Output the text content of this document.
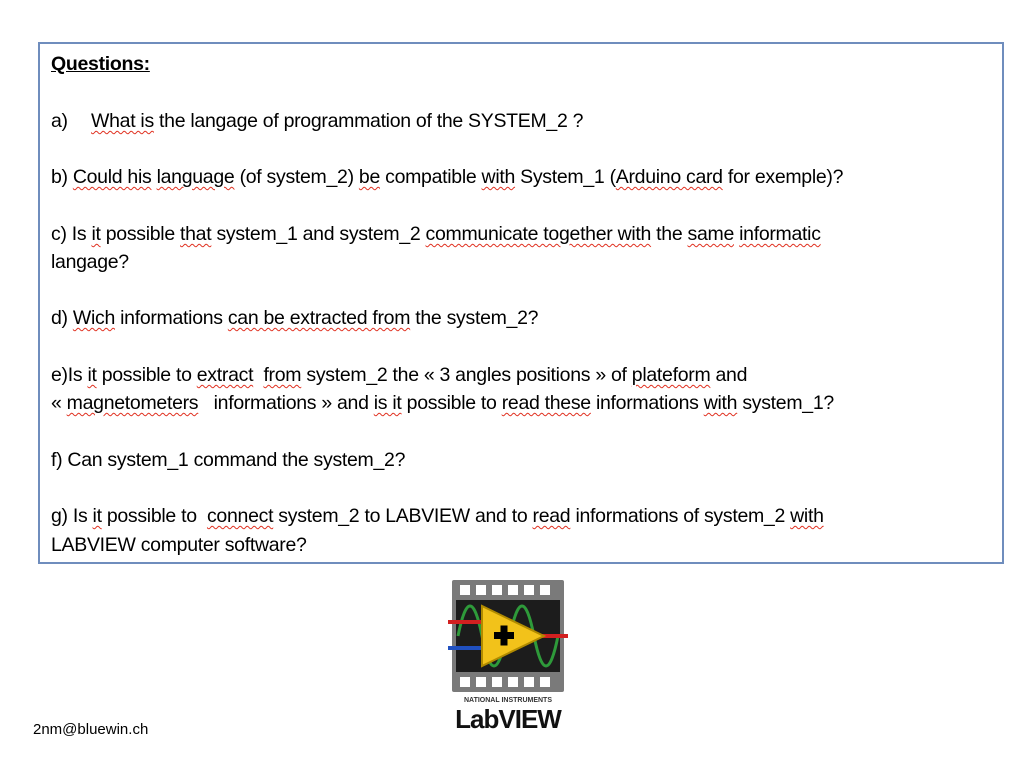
Questions:
a) What is the langage of programmation of the SYSTEM_2 ?
b) Could his language (of system_2) be compatible with System_1 (Arduino card for exemple)?
c) Is it possible that system_1 and system_2 communicate together with the same informatic
langage?
d) Wich informations can be extracted from the system_2?
e)Is it possible to extract from system_2 the « 3 angles positions » of plateform and
« magnetometers   informations » and is it possible to read these informations with system_1?
f) Can system_1 command the system_2?
g) Is it possible to  connect system_2 to LABVIEW and to read informations of system_2 with
LABVIEW computer software?
NATIONAL INSTRUMENTS
LabVIEW
2nm@bluewin.ch
